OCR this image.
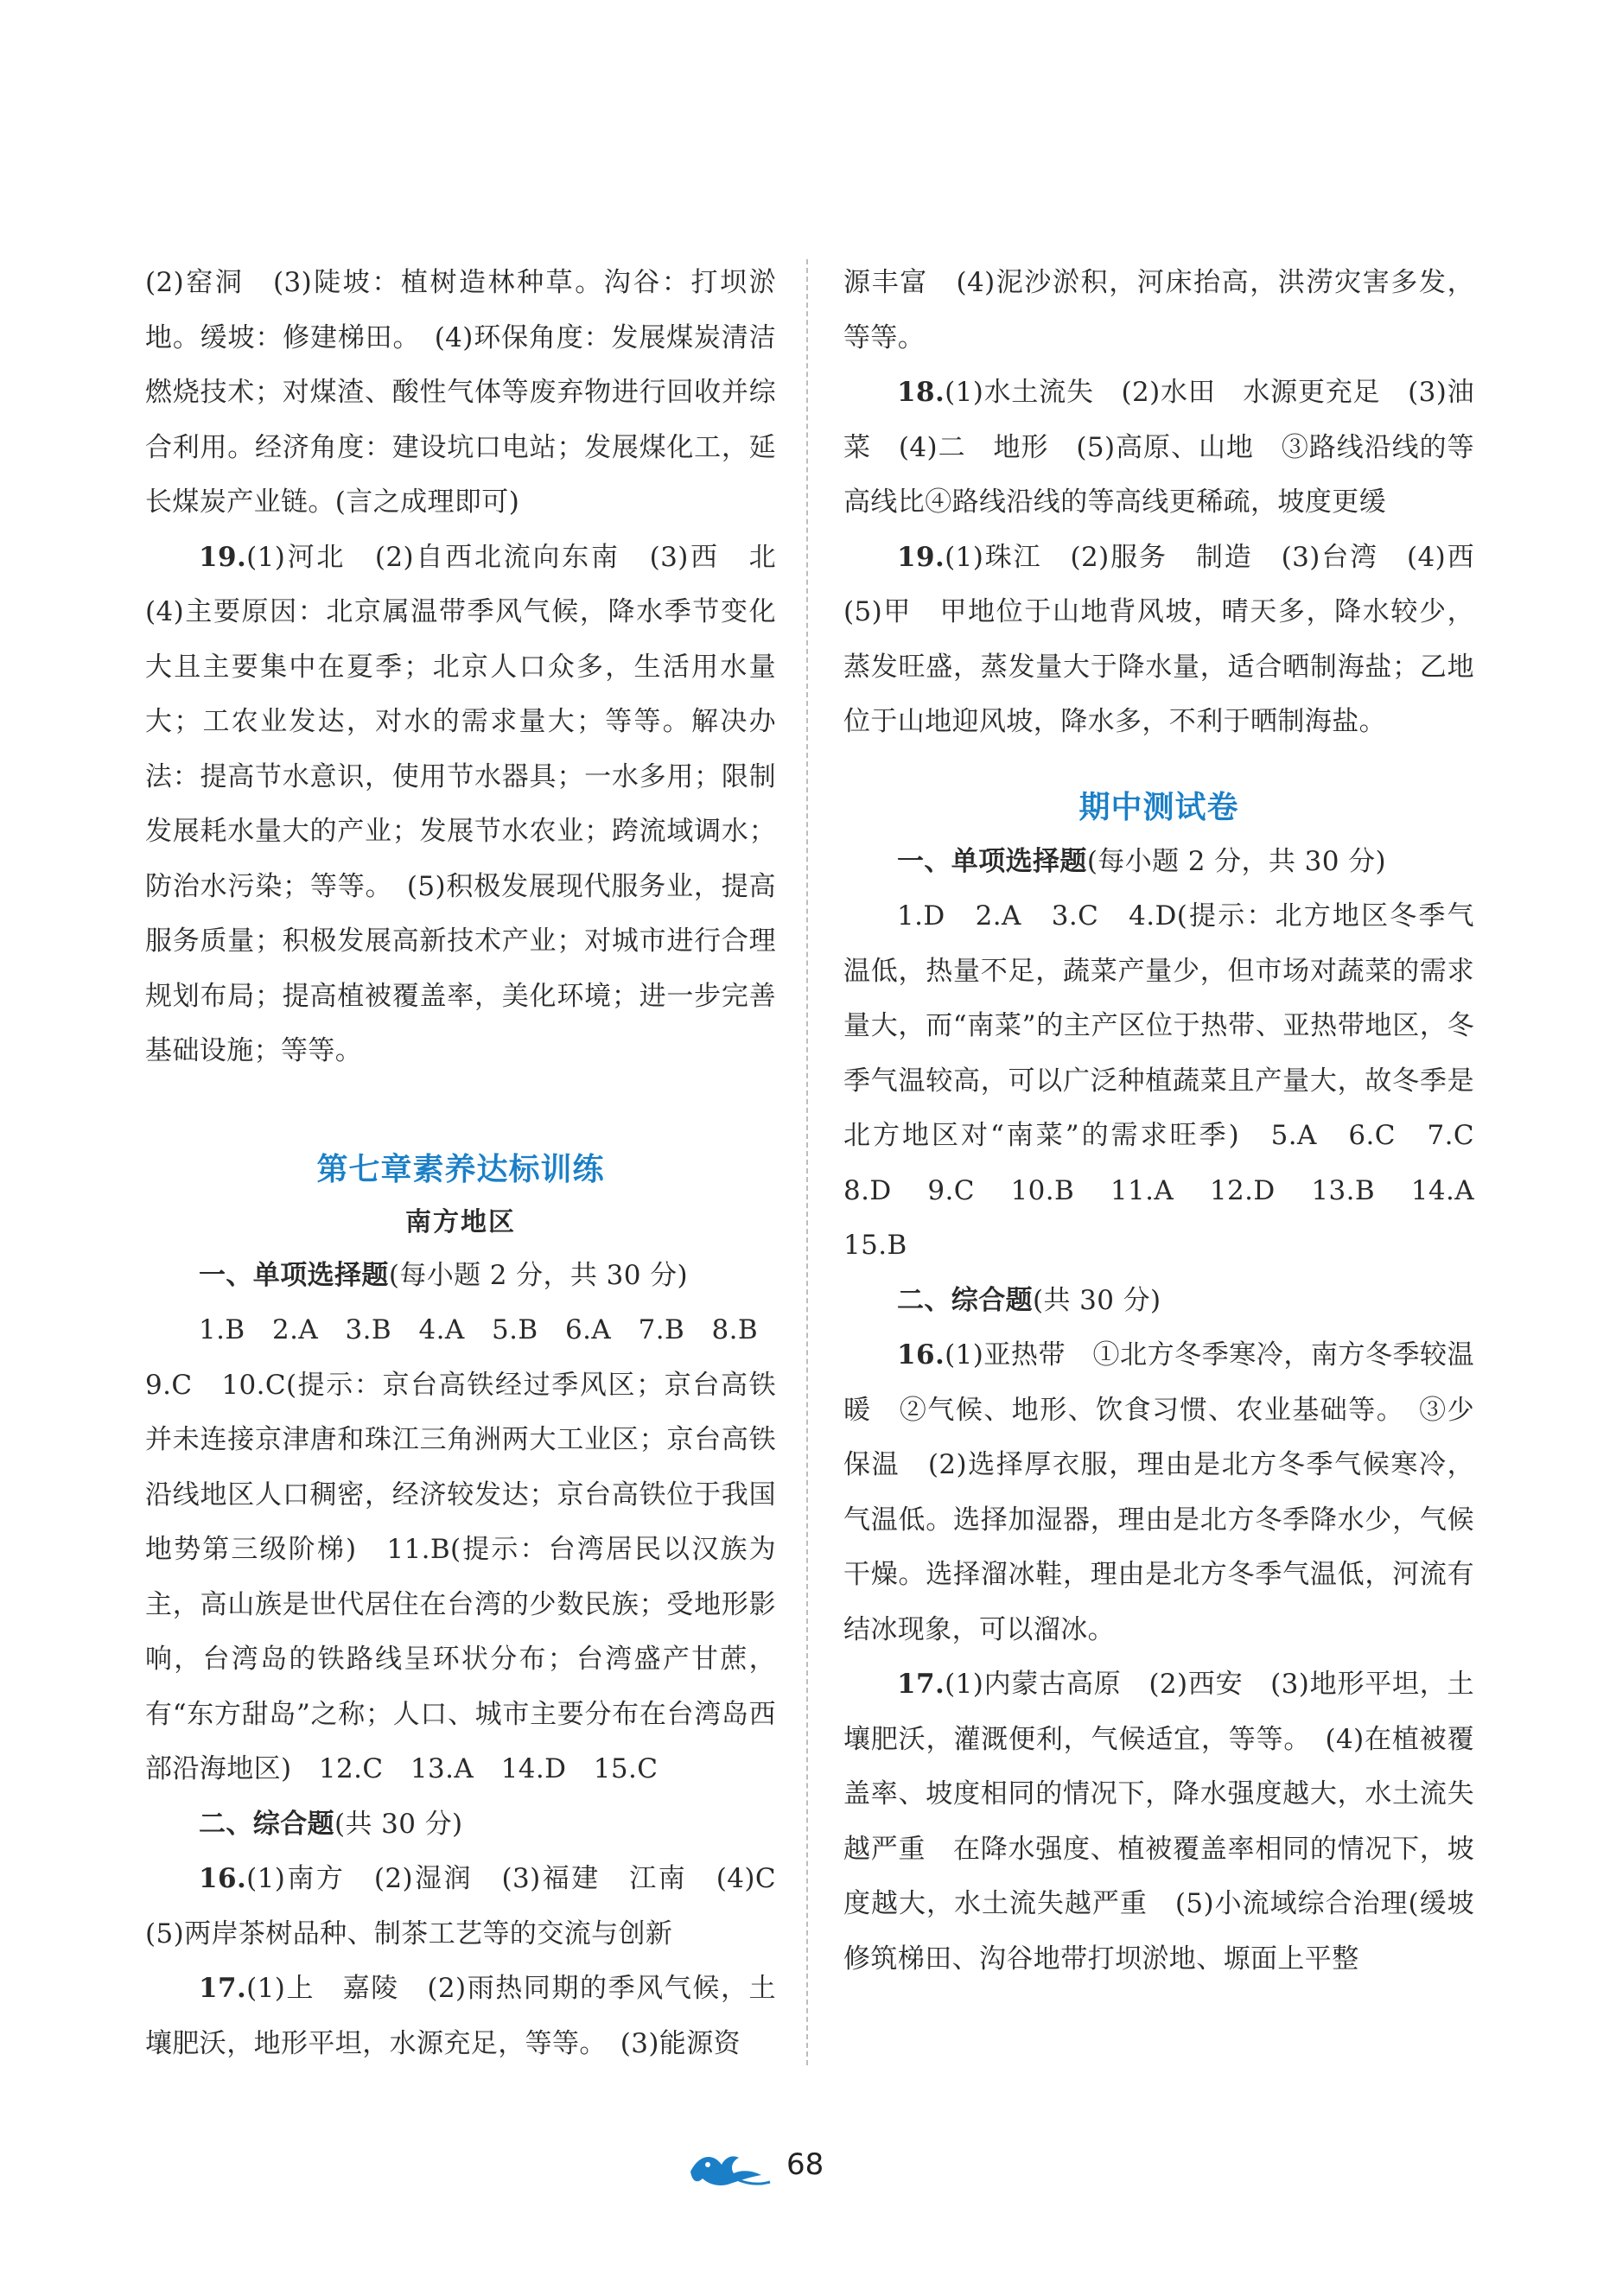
(2)窑洞　(3)陡坡：植树造林种草。沟谷：打坝淤地。缓坡：修建梯田。　(4)环保角度：发展煤炭清洁燃烧技术；对煤渣、酸性气体等废弃物进行回收并综合利用。经济角度：建设坑口电站；发展煤化工，延长煤炭产业链。(言之成理即可)

19.(1)河北　(2)自西北流向东南　(3)西　北　(4)主要原因：北京属温带季风气候，降水季节变化大且主要集中在夏季；北京人口众多，生活用水量大；工农业发达，对水的需求量大；等等。解决办法：提高节水意识，使用节水器具；一水多用；限制发展耗水量大的产业；发展节水农业；跨流域调水；防治水污染；等等。　(5)积极发展现代服务业，提高服务质量；积极发展高新技术产业；对城市进行合理规划布局；提高植被覆盖率，美化环境；进一步完善基础设施；等等。

第七章素养达标训练
南方地区

一、单项选择题(每小题 2 分，共 30 分)

1.B　2.A　3.B　4.A　5.B　6.A　7.B　8.B

9.C　10.C(提示：京台高铁经过季风区；京台高铁并未连接京津唐和珠江三角洲两大工业区；京台高铁沿线地区人口稠密，经济较发达；京台高铁位于我国地势第三级阶梯)　11.B(提示：台湾居民以汉族为主，高山族是世代居住在台湾的少数民族；受地形影响，台湾岛的铁路线呈环状分布；台湾盛产甘蔗，有“东方甜岛”之称；人口、城市主要分布在台湾岛西部沿海地区)　12.C　13.A　14.D　15.C

二、综合题(共 30 分)

16.(1)南方　(2)湿润　(3)福建　江南　(4)C　(5)两岸茶树品种、制茶工艺等的交流与创新

17.(1)上　嘉陵　(2)雨热同期的季风气候，土壤肥沃，地形平坦，水源充足，等等。　(3)能源资

源丰富　(4)泥沙淤积，河床抬高，洪涝灾害多发，等等。

18.(1)水土流失　(2)水田　水源更充足　(3)油菜　(4)二　地形　(5)高原、山地　③路线沿线的等高线比④路线沿线的等高线更稀疏，坡度更缓

19.(1)珠江　(2)服务　制造　(3)台湾　(4)西　(5)甲　甲地位于山地背风坡，晴天多，降水较少，蒸发旺盛，蒸发量大于降水量，适合晒制海盐；乙地位于山地迎风坡，降水多，不利于晒制海盐。

期中测试卷

一、单项选择题(每小题 2 分，共 30 分)

1.D　2.A　3.C　4.D(提示：北方地区冬季气温低，热量不足，蔬菜产量少，但市场对蔬菜的需求量大，而“南菜”的主产区位于热带、亚热带地区，冬季气温较高，可以广泛种植蔬菜且产量大，故冬季是北方地区对“南菜”的需求旺季)　5.A　6.C　7.C　8.D　9.C　10.B　11.A　12.D　13.B　14.A　15.B

二、综合题(共 30 分)

16.(1)亚热带　①北方冬季寒冷，南方冬季较温暖　②气候、地形、饮食习惯、农业基础等。　③少　保温　(2)选择厚衣服，理由是北方冬季气候寒冷，气温低。选择加湿器，理由是北方冬季降水少，气候干燥。选择溜冰鞋，理由是北方冬季气温低，河流有结冰现象，可以溜冰。

17.(1)内蒙古高原　(2)西安　(3)地形平坦，土壤肥沃，灌溉便利，气候适宜，等等。　(4)在植被覆盖率、坡度相同的情况下，降水强度越大，水土流失越严重　在降水强度、植被覆盖率相同的情况下，坡度越大，水土流失越严重　(5)小流域综合治理(缓坡修筑梯田、沟谷地带打坝淤地、塬面上平整

68
